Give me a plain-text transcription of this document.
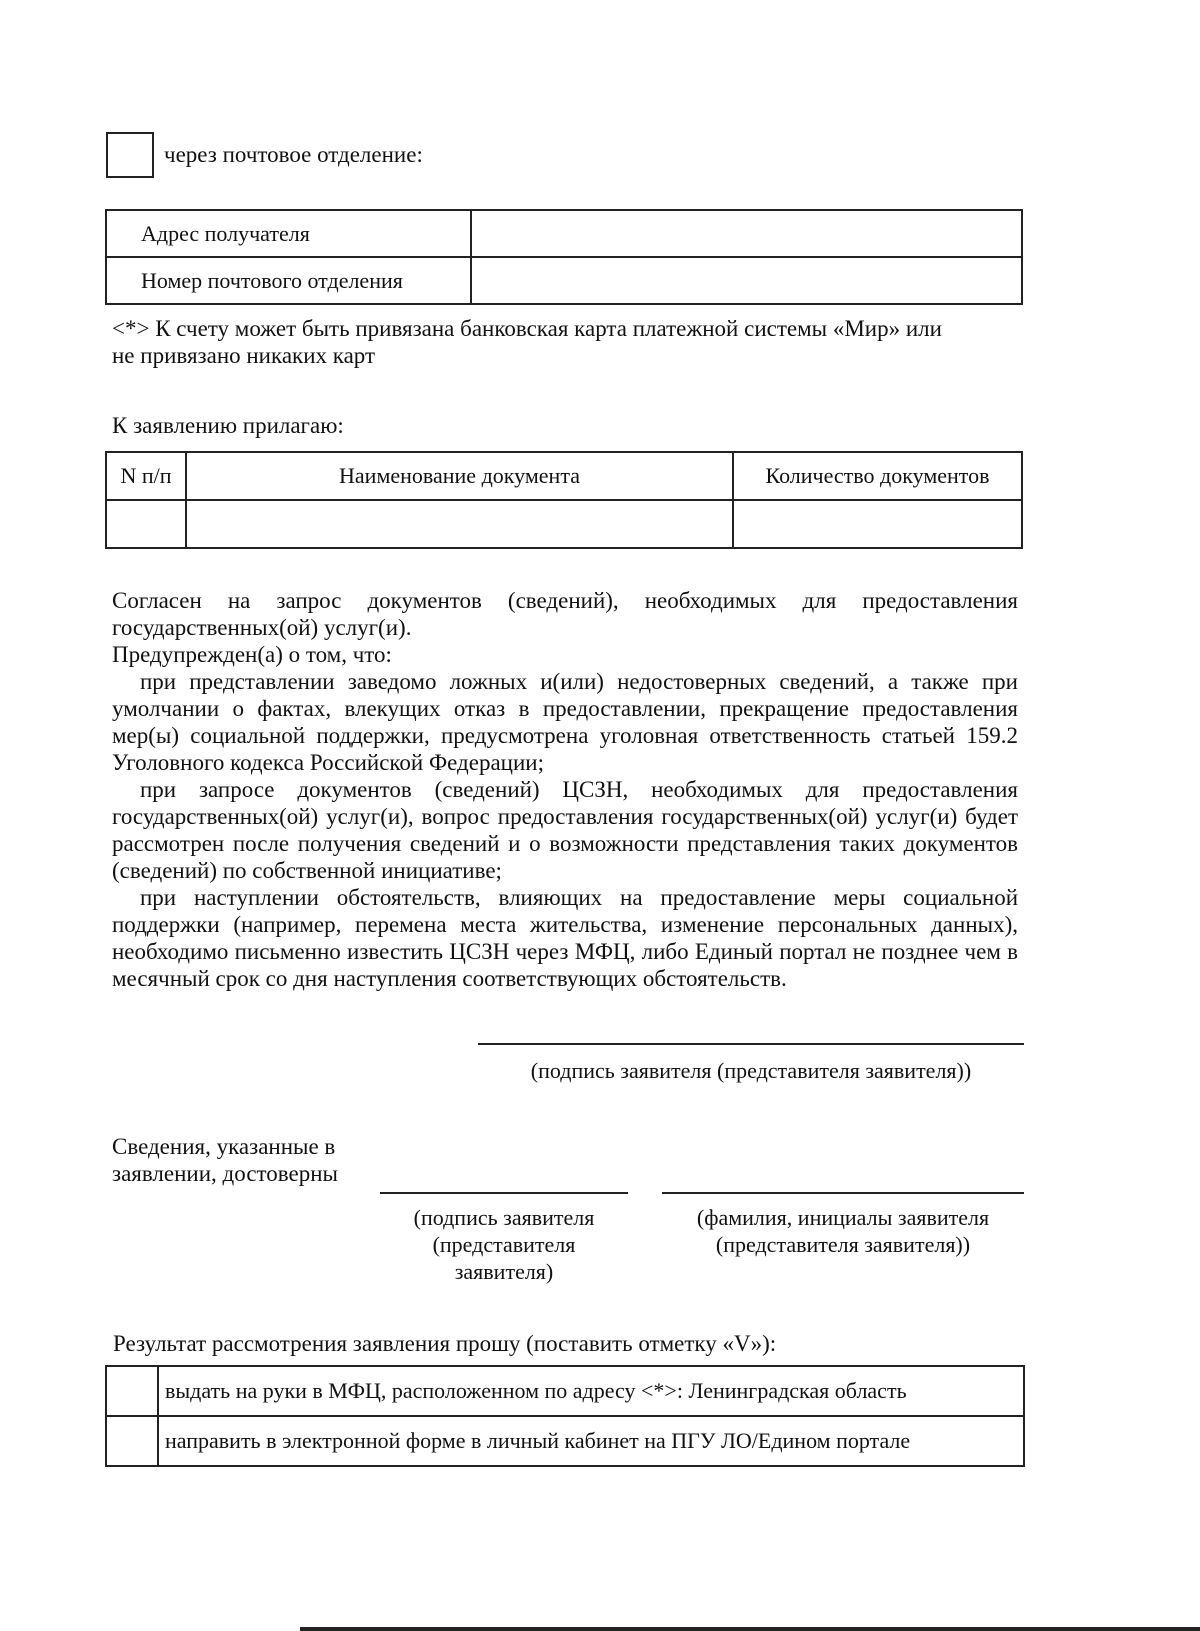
через почтовое отделение:
Адрес получателя	
Номер почтового отделения	
<*> К счету может быть привязана банковская карта платежной системы «Мир» или
не привязано никаких карт
К заявлению прилагаю:
N п/п	Наименование документа	Количество документов

Согласен на запрос документов (сведений), необходимых для предоставления государственных(ой) услуг(и).

Предупрежден(а) о том, что:

при представлении заведомо ложных и(или) недостоверных сведений, а также при умолчании о фактах, влекущих отказ в предоставлении, прекращение предоставления мер(ы) социальной поддержки, предусмотрена уголовная ответственность статьей 159.2 Уголовного кодекса Российской Федерации;

при запросе документов (сведений) ЦСЗН, необходимых для предоставления государственных(ой) услуг(и), вопрос предоставления государственных(ой) услуг(и) будет рассмотрен после получения сведений и о возможности представления таких документов (сведений) по собственной инициативе;

при наступлении обстоятельств, влияющих на предоставление меры социальной поддержки (например, перемена места жительства, изменение персональных данных), необходимо письменно известить ЦСЗН через МФЦ, либо Единый портал не позднее чем в месячный срок со дня наступления соответствующих обстоятельств.

(подпись заявителя (представителя заявителя))
Сведения, указанные в
заявлении, достоверны
(подпись заявителя
(представителя
заявителя)
(фамилия, инициалы заявителя
(представителя заявителя))
Результат рассмотрения заявления прошу (поставить отметку «V»):
	выдать на руки в МФЦ, расположенном по адресу <*>: Ленинградская область
	направить в электронной форме в личный кабинет на ПГУ ЛО/Едином портале
